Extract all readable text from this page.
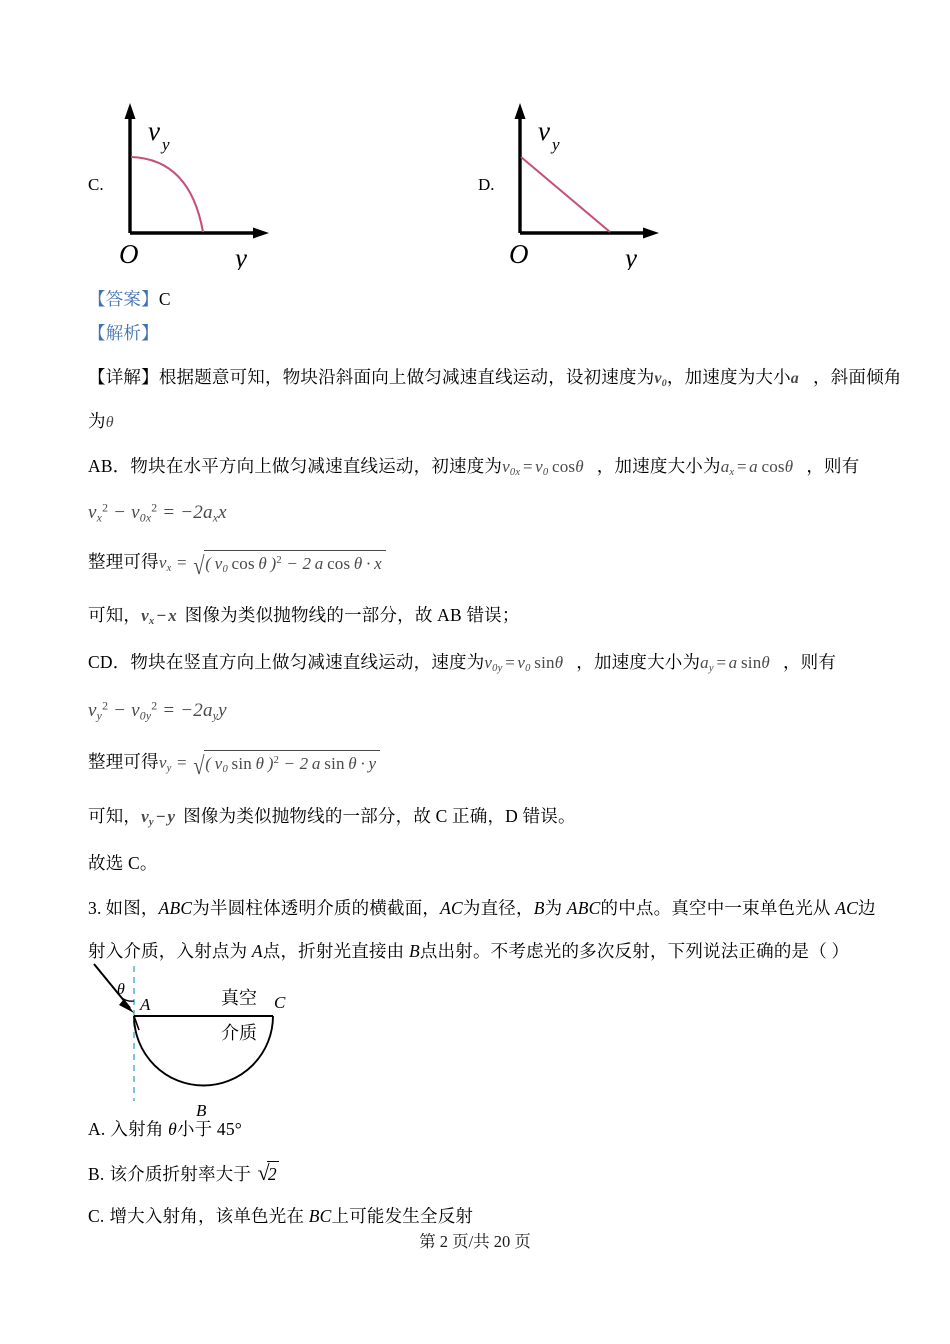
C.
v y
O	y
D.
v y
O	y
【答案】C
【解析】
【详解】根据题意可知，物块沿斜面向上做匀减速直线运动，设初速度为$v_0$，加速度为大小a ，斜面倾角
为θ
AB．物块在水平方向上做匀减速直线运动，初速度为$v_{0x}$ = $v_0$  cosθ ，加速度大小为$a_x$ = a cosθ ，则有
$v_x^2 - v_{0x}^2 = -2a_xx$
整理可得$v_x$ = √( $v_0$  cos θ )$^2$ − 2 a cos θ · x
可知，$v_x$ − x 图像为类似抛物线的一部分，故 AB 错误；
CD．物块在竖直方向上做匀减速直线运动，速度为$v_{0y}$ = $v_0$  sinθ ，加速度大小为$a_y$ = a sinθ ，则有
$v_y^2 - v_{0y}^2 = -2a_yy$
整理可得$v_y$ = √( $v_0$  sin θ )$^2$ − 2 a sin θ · y
可知，$v_y$ − y 图像为类似抛物线的一部分，故 C 正确，D 错误。
故选 C。
3. 如图，ABC为半圆柱体透明介质的横截面，AC为直径，B为 ABC的中点。真空中一束单色光从 AC边
射入介质，入射点为 A点，折射光直接由 B点出射。不考虑光的多次反射，下列说法正确的是（ ）
θ
A
B
C
真空
介质
A. 入射角 θ小于 45°
B. 该介质折射率大于 √2
C. 增大入射角，该单色光在 BC上可能发生全反射
第 2 页/共 20 页
